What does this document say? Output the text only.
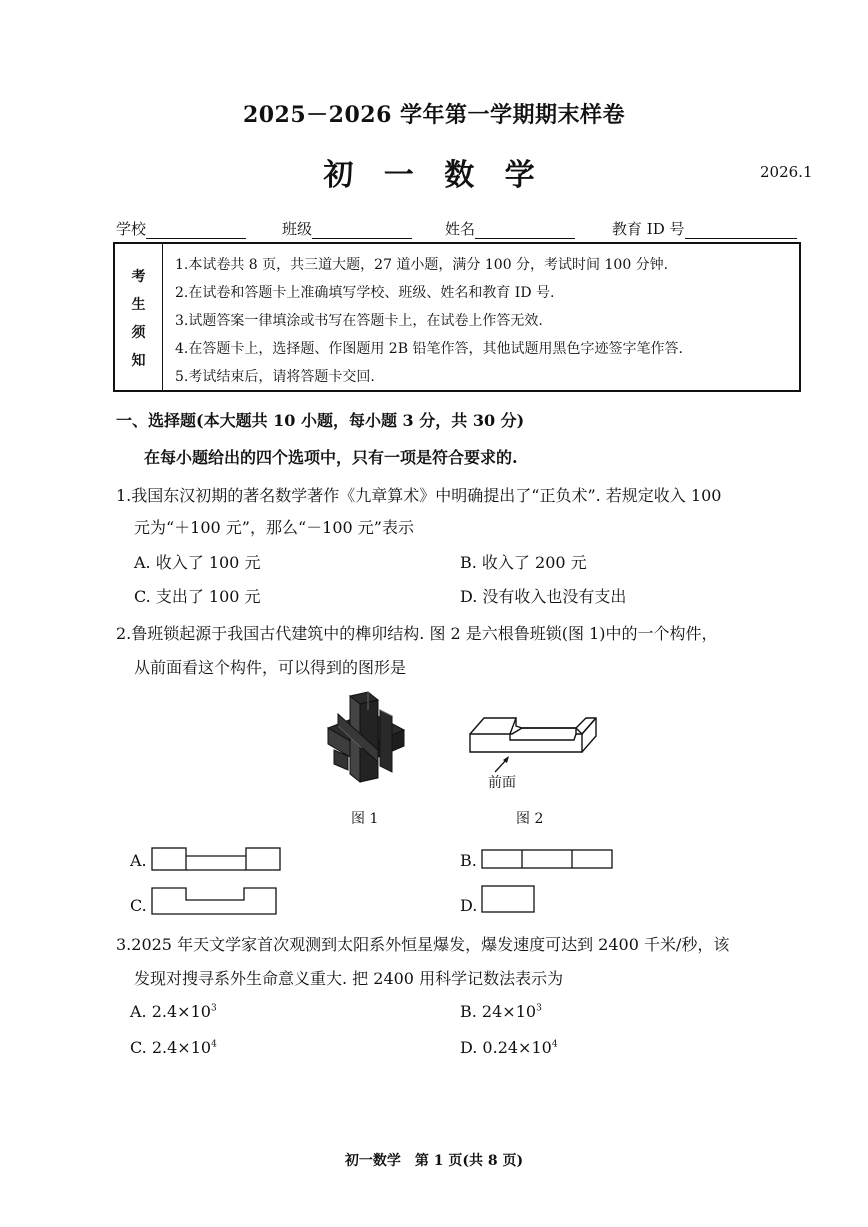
2025－2026 学年第一学期期末样卷
初 一 数 学	2026.1
学校	班级	姓名	教育 ID 号
考
生
须
知
1.本试卷共 8 页，共三道大题，27 道小题，满分 100 分，考试时间 100 分钟.
2.在试卷和答题卡上准确填写学校、班级、姓名和教育 ID 号.
3.试题答案一律填涂或书写在答题卡上，在试卷上作答无效.
4.在答题卡上，选择题、作图题用 2B 铅笔作答，其他试题用黑色字迹签字笔作答.
5.考试结束后，请将答题卡交回.
一、选择题(本大题共 10 小题，每小题 3 分，共 30 分)
在每小题给出的四个选项中，只有一项是符合要求的.
1.我国东汉初期的著名数学著作《九章算术》中明确提出了“正负术”. 若规定收入 100
元为“＋100 元”，那么“－100 元”表示
A. 收入了 100 元	B. 收入了 200 元
C. 支出了 100 元	D. 没有收入也没有支出
2.鲁班锁起源于我国古代建筑中的榫卯结构. 图 2 是六根鲁班锁(图 1)中的一个构件，
从前面看这个构件，可以得到的图形是
图 1
前面
图 2
A.	B.
C.	D.
3.2025 年天文学家首次观测到太阳系外恒星爆发，爆发速度可达到 2400 千米/秒，该
发现对搜寻系外生命意义重大. 把 2400 用科学记数法表示为
A. $2.4\times 10^3$	B. $24\times 10^3$
C. $2.4\times 10^4$	D. $0.24\times 10^4$
初一数学　第 1 页(共 8 页)
